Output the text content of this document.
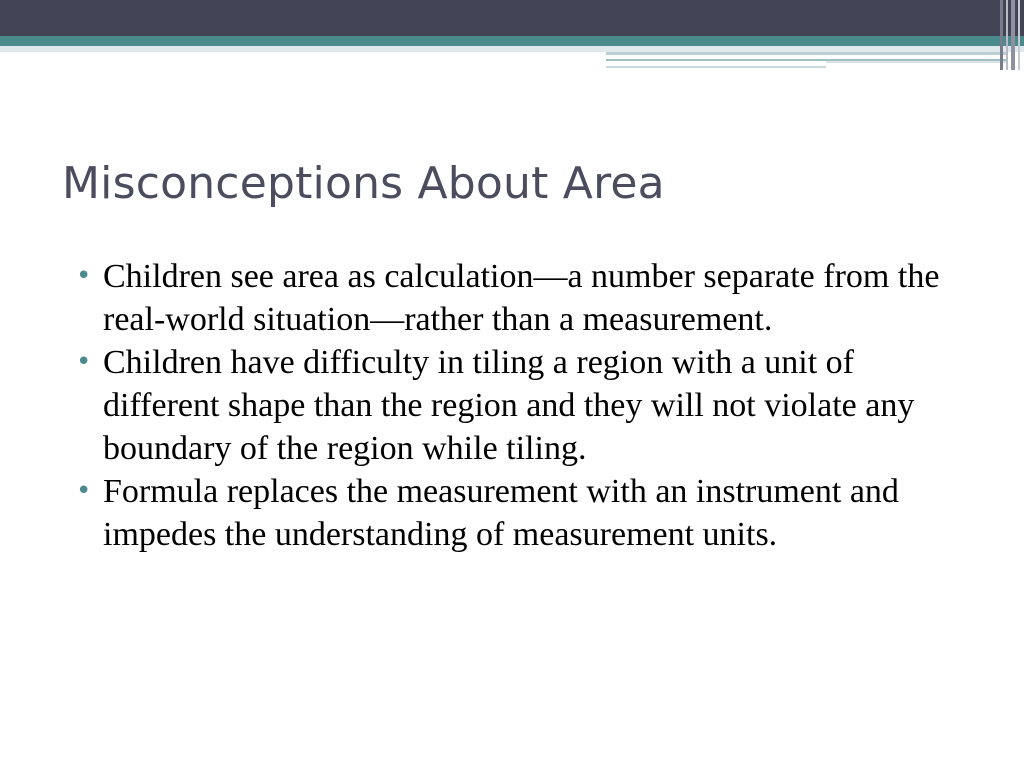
Misconceptions About Area
• Children see area as calculation—a number separate from the real-world situation—rather than a measurement.
• Children have difficulty in tiling a region with a unit of different shape than the region and they will not violate any boundary of the region while tiling.
• Formula replaces the measurement with an instrument and impedes the understanding of measurement units.
